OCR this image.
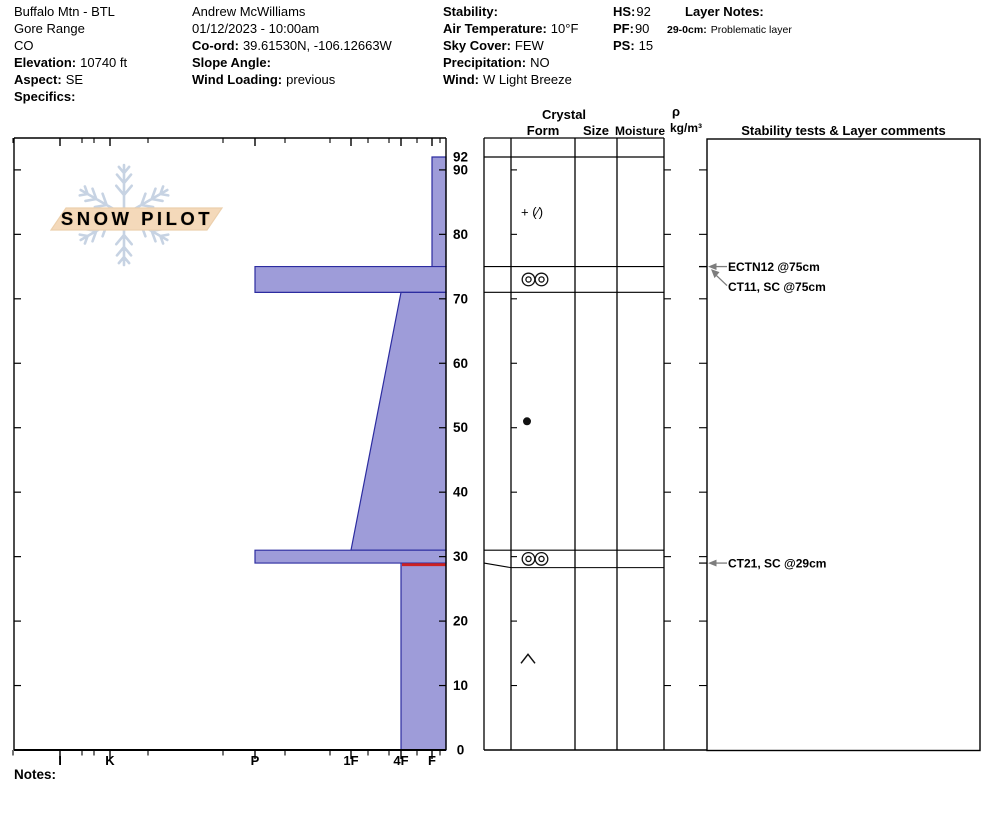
Buffalo Mtn - BTL
Gore Range
CO
Elevation: 10740 ft
Aspect: SE
Specifics:
Andrew McWilliams
01/12/2023 - 10:00am
Co-ord: 39.61530N, -106.12663W
Slope Angle:
Wind Loading: previous
Stability:
Air Temperature: 10°F
Sky Cover: FEW
Precipitation: NO
Wind: W Light Breeze
HS:92
PF:90
PS: 15
Layer Notes:
29-0cm: Problematic layer
Crystal
Form	Size Moisture
ρ
kg/m³	Stability tests & Layer comments
Notes:
SNOW PILOT
I	K	P	1F	4F F
92
90
80
70
60
50
40
30
20
10
0
+ (∕)
ECTN12 @75cm
CT11, SC @75cm
CT21, SC @29cm
